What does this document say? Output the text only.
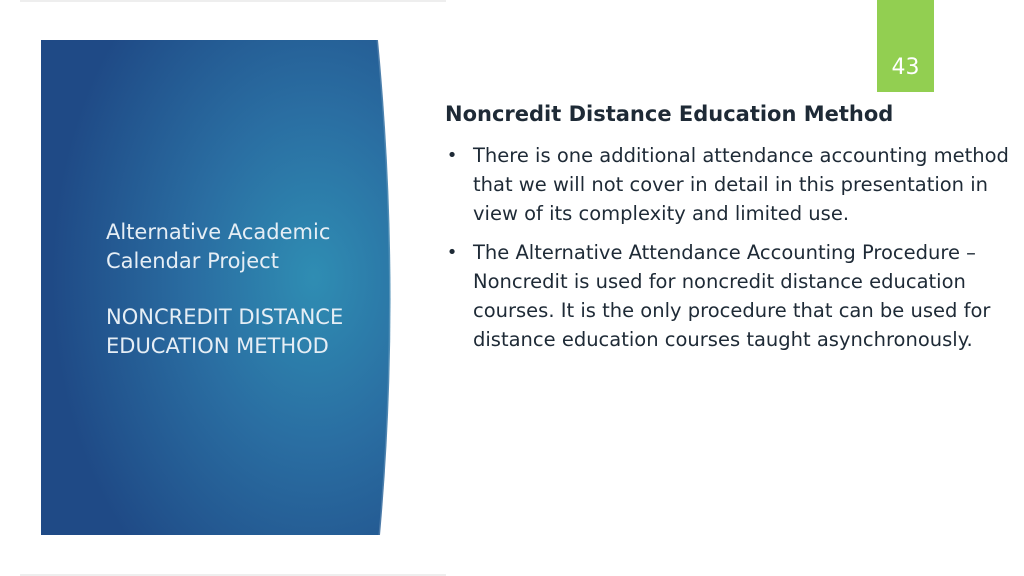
Alternative Academic Calendar Project
NONCREDIT DISTANCE EDUCATION METHOD
43
Noncredit Distance Education Method
• There is one additional attendance accounting method that we will not cover in detail in this presentation in view of its complexity and limited use.
• The Alternative Attendance Accounting Procedure – Noncredit is used for noncredit distance education courses. It is the only procedure that can be used for distance education courses taught asynchronously.
